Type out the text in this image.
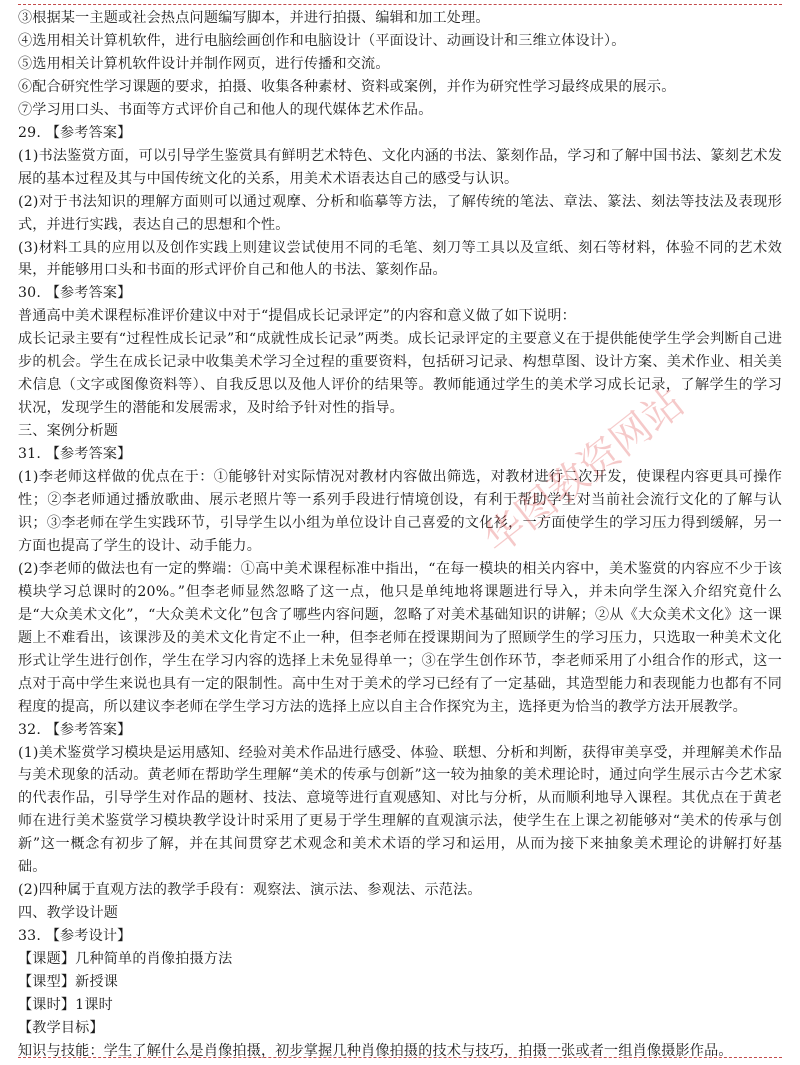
③根据某一主题或社会热点问题编写脚本，并进行拍摄、编辑和加工处理。

④选用相关计算机软件，进行电脑绘画创作和电脑设计（平面设计、动画设计和三维立体设计）。

⑤选用相关计算机软件设计并制作网页，进行传播和交流。

⑥配合研究性学习课题的要求，拍摄、收集各种素材、资料或案例，并作为研究性学习最终成果的展示。

⑦学习用口头、书面等方式评价自己和他人的现代媒体艺术作品。

29. 【参考答案】

(1)书法鉴赏方面，可以引导学生鉴赏具有鲜明艺术特色、文化内涵的书法、篆刻作品，学习和了解中国书法、篆刻艺术发展的基本过程及其与中国传统文化的关系，用美术术语表达自己的感受与认识。

(2)对于书法知识的理解方面则可以通过观摩、分析和临摹等方法，了解传统的笔法、章法、篆法、刻法等技法及表现形式，并进行实践，表达自己的思想和个性。

(3)材料工具的应用以及创作实践上则建议尝试使用不同的毛笔、刻刀等工具以及宣纸、刻石等材料，体验不同的艺术效果，并能够用口头和书面的形式评价自己和他人的书法、篆刻作品。

30. 【参考答案】

普通高中美术课程标准评价建议中对于“提倡成长记录评定”的内容和意义做了如下说明：

成长记录主要有“过程性成长记录”和“成就性成长记录”两类。成长记录评定的主要意义在于提供能使学生学会判断自己进步的机会。学生在成长记录中收集美术学习全过程的重要资料，包括研习记录、构想草图、设计方案、美术作业、相关美术信息（文字或图像资料等）、自我反思以及他人评价的结果等。教师能通过学生的美术学习成长记录，了解学生的学习状况，发现学生的潜能和发展需求，及时给予针对性的指导。

三、案例分析题

31. 【参考答案】

(1)李老师这样做的优点在于：①能够针对实际情况对教材内容做出筛选，对教材进行二次开发，使课程内容更具可操作性；②李老师通过播放歌曲、展示老照片等一系列手段进行情境创设，有利于帮助学生对当前社会流行文化的了解与认识；③李老师在学生实践环节，引导学生以小组为单位设计自己喜爱的文化衫，一方面使学生的学习压力得到缓解，另一方面也提高了学生的设计、动手能力。

(2)李老师的做法也有一定的弊端：①高中美术课程标准中指出，“在每一模块的相关内容中，美术鉴赏的内容应不少于该模块学习总课时的20%。”但李老师显然忽略了这一点，他只是单纯地将课题进行导入，并未向学生深入介绍究竟什么是“大众美术文化”，“大众美术文化”包含了哪些内容问题，忽略了对美术基础知识的讲解；②从《大众美术文化》这一课题上不难看出，该课涉及的美术文化肯定不止一种，但李老师在授课期间为了照顾学生的学习压力，只选取一种美术文化形式让学生进行创作，学生在学习内容的选择上未免显得单一；③在学生创作环节，李老师采用了小组合作的形式，这一点对于高中学生来说也具有一定的限制性。高中生对于美术的学习已经有了一定基础，其造型能力和表现能力也都有不同程度的提高，所以建议李老师在学生学习方法的选择上应以自主合作探究为主，选择更为恰当的教学方法开展教学。

32. 【参考答案】

(1)美术鉴赏学习模块是运用感知、经验对美术作品进行感受、体验、联想、分析和判断，获得审美享受，并理解美术作品与美术现象的活动。黄老师在帮助学生理解“美术的传承与创新”这一较为抽象的美术理论时，通过向学生展示古今艺术家的代表作品，引导学生对作品的题材、技法、意境等进行直观感知、对比与分析，从而顺利地导入课程。其优点在于黄老师在进行美术鉴赏学习模块教学设计时采用了更易于学生理解的直观演示法，使学生在上课之初能够对“美术的传承与创新”这一概念有初步了解，并在其间贯穿艺术观念和美术术语的学习和运用，从而为接下来抽象美术理论的讲解打好基础。

(2)四种属于直观方法的教学手段有：观察法、演示法、参观法、示范法。

四、教学设计题

33. 【参考设计】

【课题】几种简单的肖像拍摄方法

【课型】新授课

【课时】1课时

【教学目标】

知识与技能：学生了解什么是肖像拍摄，初步掌握几种肖像拍摄的技术与技巧，拍摄一张或者一组肖像摄影作品。

华图教资网站
